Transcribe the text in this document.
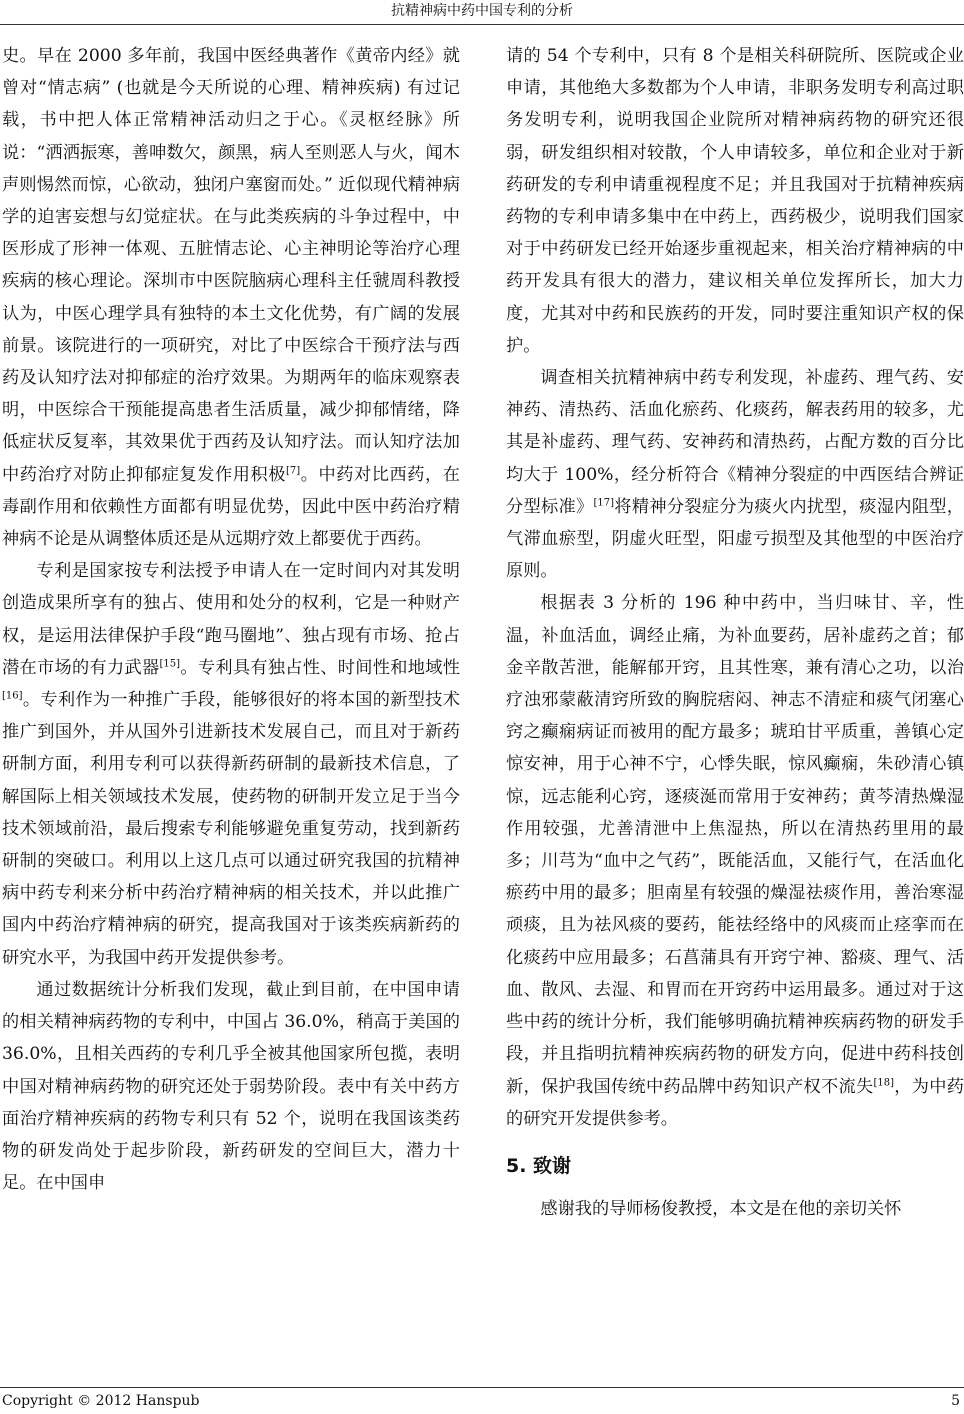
抗精神病中药中国专利的分析

史。早在 2000 多年前，我国中医经典著作《黄帝内经》就曾对“情志病” (也就是今天所说的心理、精神疾病) 有过记载，书中把人体正常精神活动归之于心。《灵枢经脉》所说：“洒洒振寒，善呻数欠，颜黑，病人至则恶人与火，闻木声则惕然而惊，心欲动，独闭户塞窗而处。” 近似现代精神病学的迫害妄想与幻觉症状。在与此类疾病的斗争过程中，中医形成了形神一体观、五脏情志论、心主神明论等治疗心理疾病的核心理论。深圳市中医院脑病心理科主任虢周科教授认为，中医心理学具有独特的本土文化优势，有广阔的发展前景。该院进行的一项研究，对比了中医综合干预疗法与西药及认知疗法对抑郁症的治疗效果。为期两年的临床观察表明，中医综合干预能提高患者生活质量，减少抑郁情绪，降低症状反复率，其效果优于西药及认知疗法。而认知疗法加中药治疗对防止抑郁症复发作用积极[7]。中药对比西药，在毒副作用和依赖性方面都有明显优势，因此中医中药治疗精神病不论是从调整体质还是从远期疗效上都要优于西药。

专利是国家按专利法授予申请人在一定时间内对其发明创造成果所享有的独占、使用和处分的权利，它是一种财产权，是运用法律保护手段“跑马圈地”、独占现有市场、抢占潜在市场的有力武器[15]。专利具有独占性、时间性和地域性[16]。专利作为一种推广手段，能够很好的将本国的新型技术推广到国外，并从国外引进新技术发展自己，而且对于新药研制方面，利用专利可以获得新药研制的最新技术信息，了解国际上相关领域技术发展，使药物的研制开发立足于当今技术领域前沿，最后搜索专利能够避免重复劳动，找到新药研制的突破口。利用以上这几点可以通过研究我国的抗精神病中药专利来分析中药治疗精神病的相关技术，并以此推广国内中药治疗精神病的研究，提高我国对于该类疾病新药的研究水平，为我国中药开发提供参考。

通过数据统计分析我们发现，截止到目前，在中国申请的相关精神病药物的专利中，中国占 36.0%，稍高于美国的 36.0%，且相关西药的专利几乎全被其他国家所包揽，表明中国对精神病药物的研究还处于弱势阶段。表中有关中药方面治疗精神疾病的药物专利只有 52 个，说明在我国该类药物的研发尚处于起步阶段，新药研发的空间巨大，潜力十足。在中国申

请的 54 个专利中，只有 8 个是相关科研院所、医院或企业申请，其他绝大多数都为个人申请，非职务发明专利高过职务发明专利，说明我国企业院所对精神病药物的研究还很弱，研发组织相对较散，个人申请较多，单位和企业对于新药研发的专利申请重视程度不足；并且我国对于抗精神疾病药物的专利申请多集中在中药上，西药极少，说明我们国家对于中药研发已经开始逐步重视起来，相关治疗精神病的中药开发具有很大的潜力，建议相关单位发挥所长，加大力度，尤其对中药和民族药的开发，同时要注重知识产权的保护。

调查相关抗精神病中药专利发现，补虚药、理气药、安神药、清热药、活血化瘀药、化痰药，解表药用的较多，尤其是补虚药、理气药、安神药和清热药，占配方数的百分比均大于 100%，经分析符合《精神分裂症的中西医结合辨证分型标准》[17]将精神分裂症分为痰火内扰型，痰湿内阻型，气滞血瘀型，阴虚火旺型，阳虚亏损型及其他型的中医治疗原则。

根据表 3 分析的 196 种中药中，当归味甘、辛，性温，补血活血，调经止痛，为补血要药，居补虚药之首；郁金辛散苦泄，能解郁开窍，且其性寒，兼有清心之功，以治疗浊邪蒙蔽清窍所致的胸脘痞闷、神志不清症和痰气闭塞心窍之癫痫病证而被用的配方最多；琥珀甘平质重，善镇心定惊安神，用于心神不宁，心悸失眠，惊风癫痫，朱砂清心镇惊，远志能利心窍，逐痰涎而常用于安神药；黄芩清热燥湿作用较强，尤善清泄中上焦湿热，所以在清热药里用的最多；川芎为“血中之气药”，既能活血，又能行气，在活血化瘀药中用的最多；胆南星有较强的燥湿祛痰作用，善治寒湿顽痰，且为祛风痰的要药，能祛经络中的风痰而止痉挛而在化痰药中应用最多；石菖蒲具有开窍宁神、豁痰、理气、活血、散风、去湿、和胃而在开窍药中运用最多。通过对于这些中药的统计分析，我们能够明确抗精神疾病药物的研发手段，并且指明抗精神疾病药物的研发方向，促进中药科技创新，保护我国传统中药品牌中药知识产权不流失[18]，为中药的研究开发提供参考。

5. 致谢

感谢我的导师杨俊教授，本文是在他的亲切关怀

Copyright © 2012 Hanspub	5
